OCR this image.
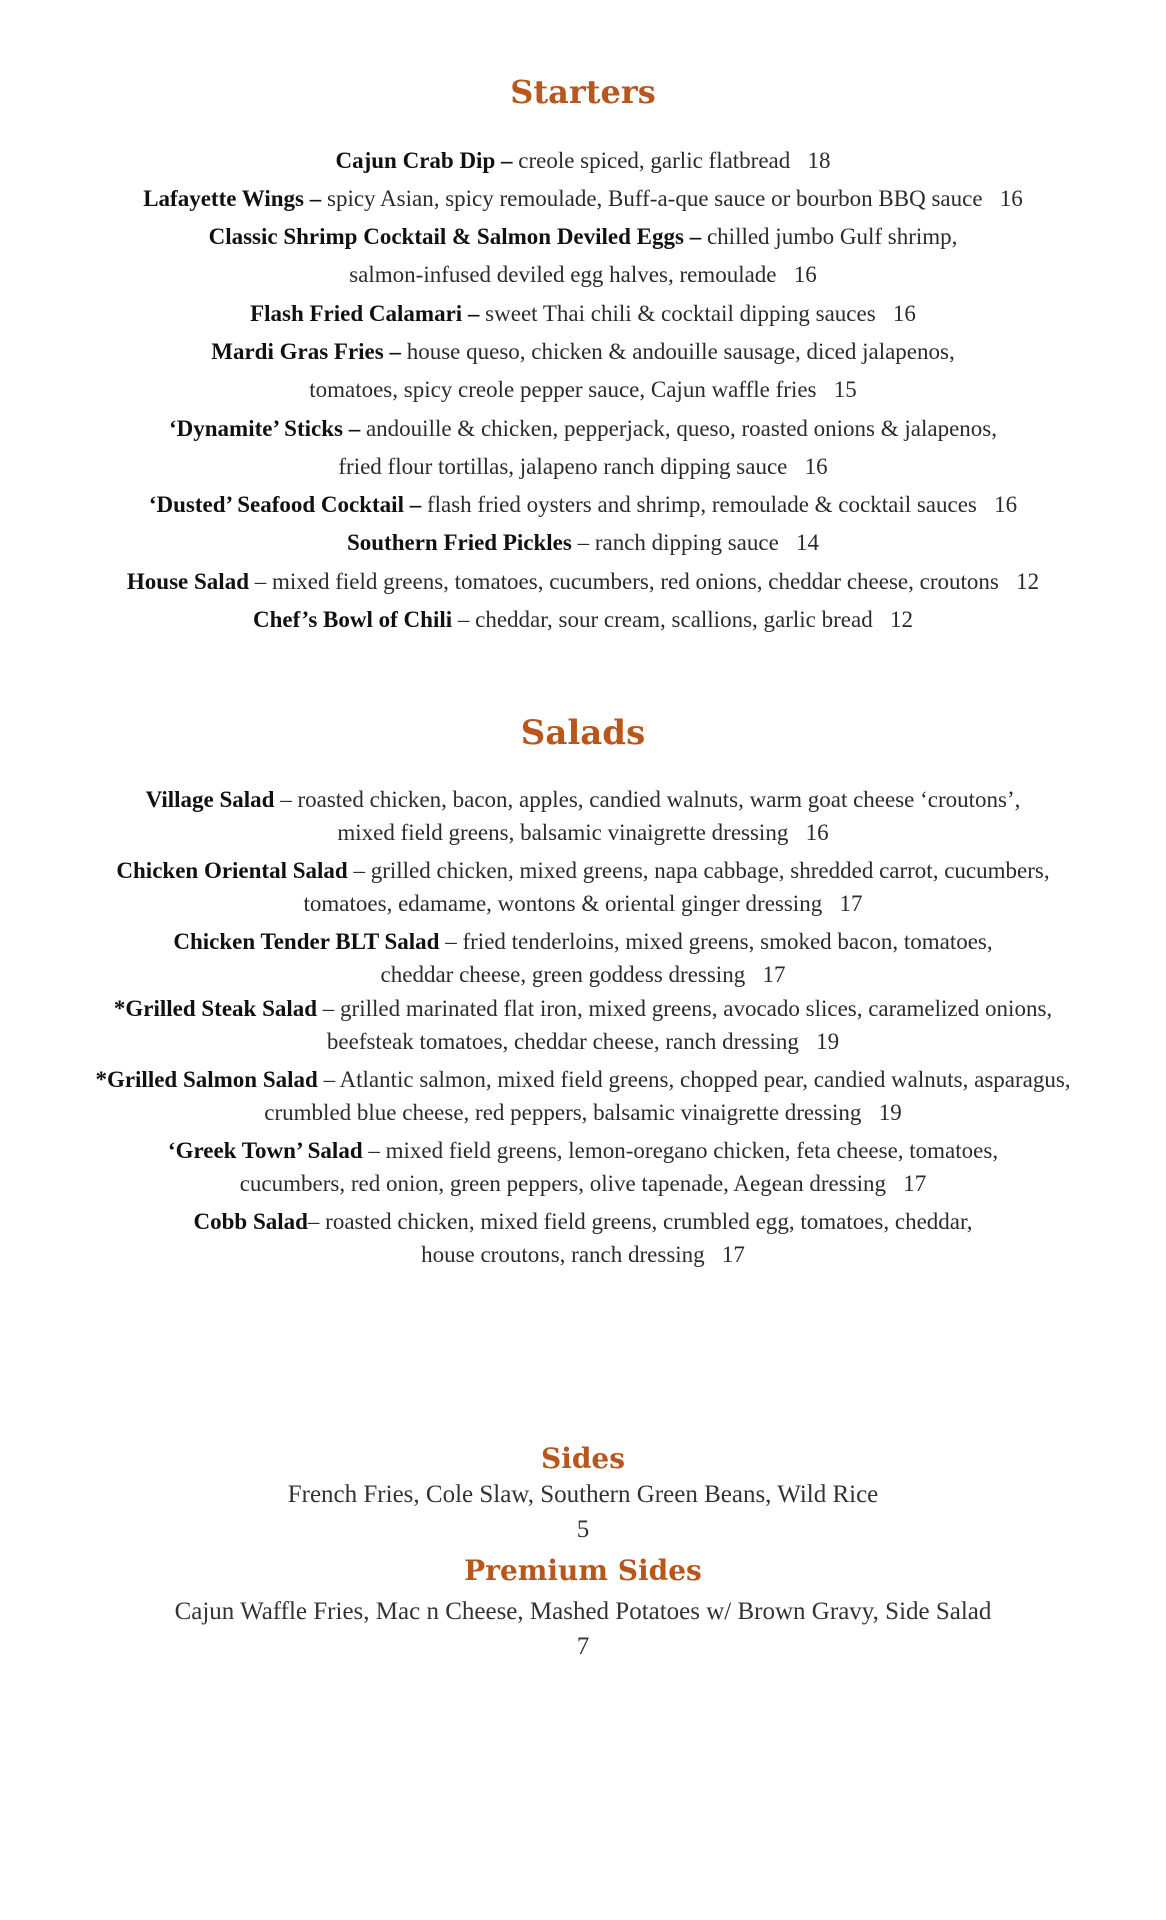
Starters
Cajun Crab Dip – creole spiced, garlic flatbread 18
Lafayette Wings – spicy Asian, spicy remoulade, Buff-a-que sauce or bourbon BBQ sauce 16
Classic Shrimp Cocktail & Salmon Deviled Eggs – chilled jumbo Gulf shrimp,
salmon-infused deviled egg halves, remoulade 16
Flash Fried Calamari – sweet Thai chili & cocktail dipping sauces 16
Mardi Gras Fries – house queso, chicken & andouille sausage, diced jalapenos,
tomatoes, spicy creole pepper sauce, Cajun waffle fries 15
‘Dynamite’ Sticks – andouille & chicken, pepperjack, queso, roasted onions & jalapenos,
fried flour tortillas, jalapeno ranch dipping sauce 16
‘Dusted’ Seafood Cocktail – flash fried oysters and shrimp, remoulade & cocktail sauces 16
Southern Fried Pickles – ranch dipping sauce 14
House Salad – mixed field greens, tomatoes, cucumbers, red onions, cheddar cheese, croutons 12
Chef’s Bowl of Chili – cheddar, sour cream, scallions, garlic bread 12
Salads
Village Salad – roasted chicken, bacon, apples, candied walnuts, warm goat cheese ‘croutons’,
mixed field greens, balsamic vinaigrette dressing 16
Chicken Oriental Salad – grilled chicken, mixed greens, napa cabbage, shredded carrot, cucumbers,
tomatoes, edamame, wontons & oriental ginger dressing 17
Chicken Tender BLT Salad – fried tenderloins, mixed greens, smoked bacon, tomatoes,
cheddar cheese, green goddess dressing 17
*Grilled Steak Salad – grilled marinated flat iron, mixed greens, avocado slices, caramelized onions,
beefsteak tomatoes, cheddar cheese, ranch dressing 19
*Grilled Salmon Salad – Atlantic salmon, mixed field greens, chopped pear, candied walnuts, asparagus,
crumbled blue cheese, red peppers, balsamic vinaigrette dressing 19
‘Greek Town’ Salad – mixed field greens, lemon-oregano chicken, feta cheese, tomatoes,
cucumbers, red onion, green peppers, olive tapenade, Aegean dressing 17
Cobb Salad– roasted chicken, mixed field greens, crumbled egg, tomatoes, cheddar,
house croutons, ranch dressing 17
Sides
French Fries, Cole Slaw, Southern Green Beans, Wild Rice
5
Premium Sides
Cajun Waffle Fries, Mac n Cheese, Mashed Potatoes w/ Brown Gravy, Side Salad
7
